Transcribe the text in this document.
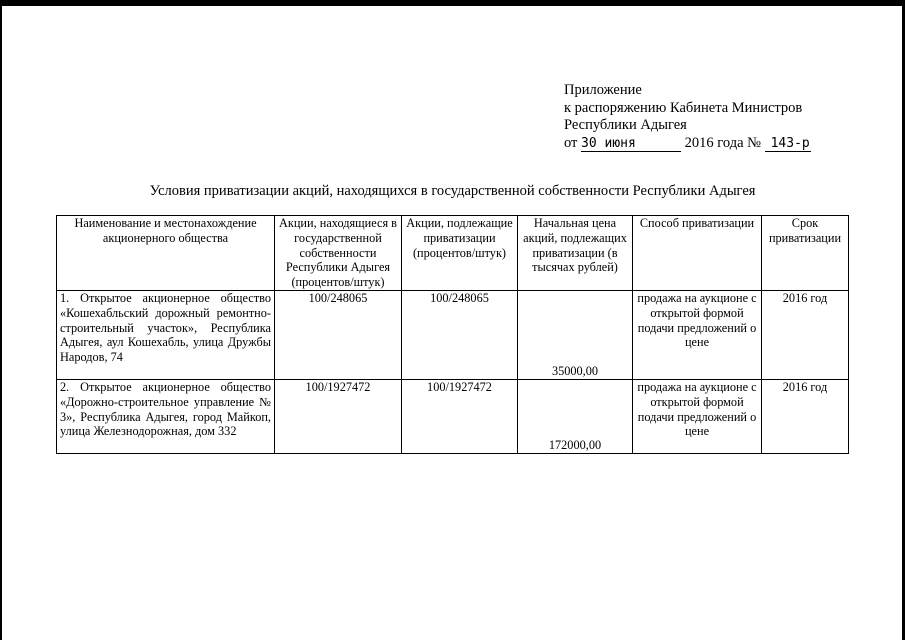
Приложение
к распоряжению Кабинета Министров
Республики Адыгея
от 30 июня	2016 года № 143-р
Условия приватизации акций, находящихся в государственной собственности Республики Адыгея
Наименование и местонахождение акционерного общества	Акции, находящиеся в государственной собственности Республики Адыгея (процентов/штук)	Акции, подлежащие приватизации (процентов/штук)	Начальная цена акций, подлежащих приватизации (в тысячах рублей)	Способ приватизации	Срок приватизации
1. Открытое акционерное общество «Кошехабльский дорожный ремонтно-строительный участок», Республика Адыгея, аул Кошехабль, улица Дружбы Народов, 74	100/248065	100/248065	35000,00	продажа на аукционе с открытой формой подачи предложений о цене	2016 год
2. Открытое акционерное общество «Дорожно-строительное управление № 3», Республика Адыгея, город Майкоп, улица Железнодорожная, дом 332	100/1927472	100/1927472	172000,00	продажа на аукционе с открытой формой подачи предложений о цене	2016 год
